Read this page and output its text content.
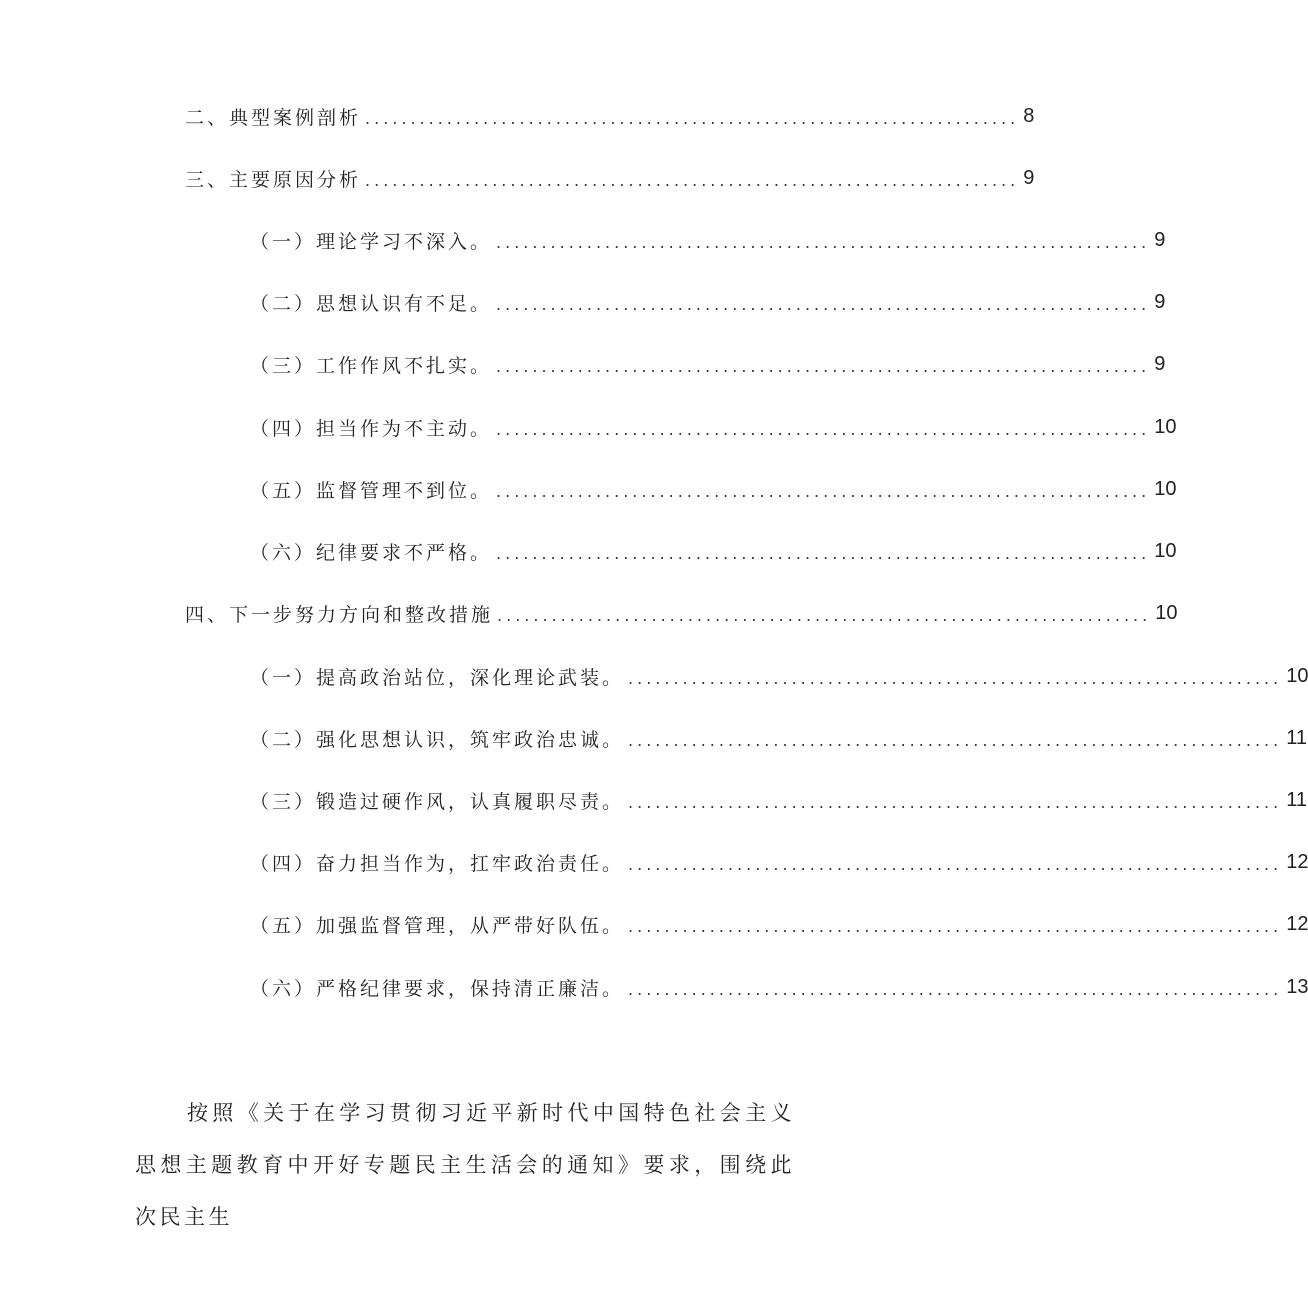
二、典型案例剖析 ........................................................................ 8
三、主要原因分析 ........................................................................ 9
（一）理论学习不深入。 ........................................................................ 9
（二）思想认识有不足。 ........................................................................ 9
（三）工作作风不扎实。 ........................................................................ 9
（四）担当作为不主动。 ........................................................................ 10
（五）监督管理不到位。 ........................................................................ 10
（六）纪律要求不严格。 ........................................................................ 10
四、下一步努力方向和整改措施 ........................................................................ 10
（一）提高政治站位，深化理论武装。 ........................................................................ 10
（二）强化思想认识，筑牢政治忠诚。 ........................................................................ 11
（三）锻造过硬作风，认真履职尽责。 ........................................................................ 11
（四）奋力担当作为，扛牢政治责任。 ........................................................................ 12
（五）加强监督管理，从严带好队伍。 ........................................................................ 12
（六）严格纪律要求，保持清正廉洁。 ........................................................................ 13

按照《关于在学习贯彻习近平新时代中国特色社会主义思想主题教育中开好专题民主生活会的通知》要求，围绕此次民主生
